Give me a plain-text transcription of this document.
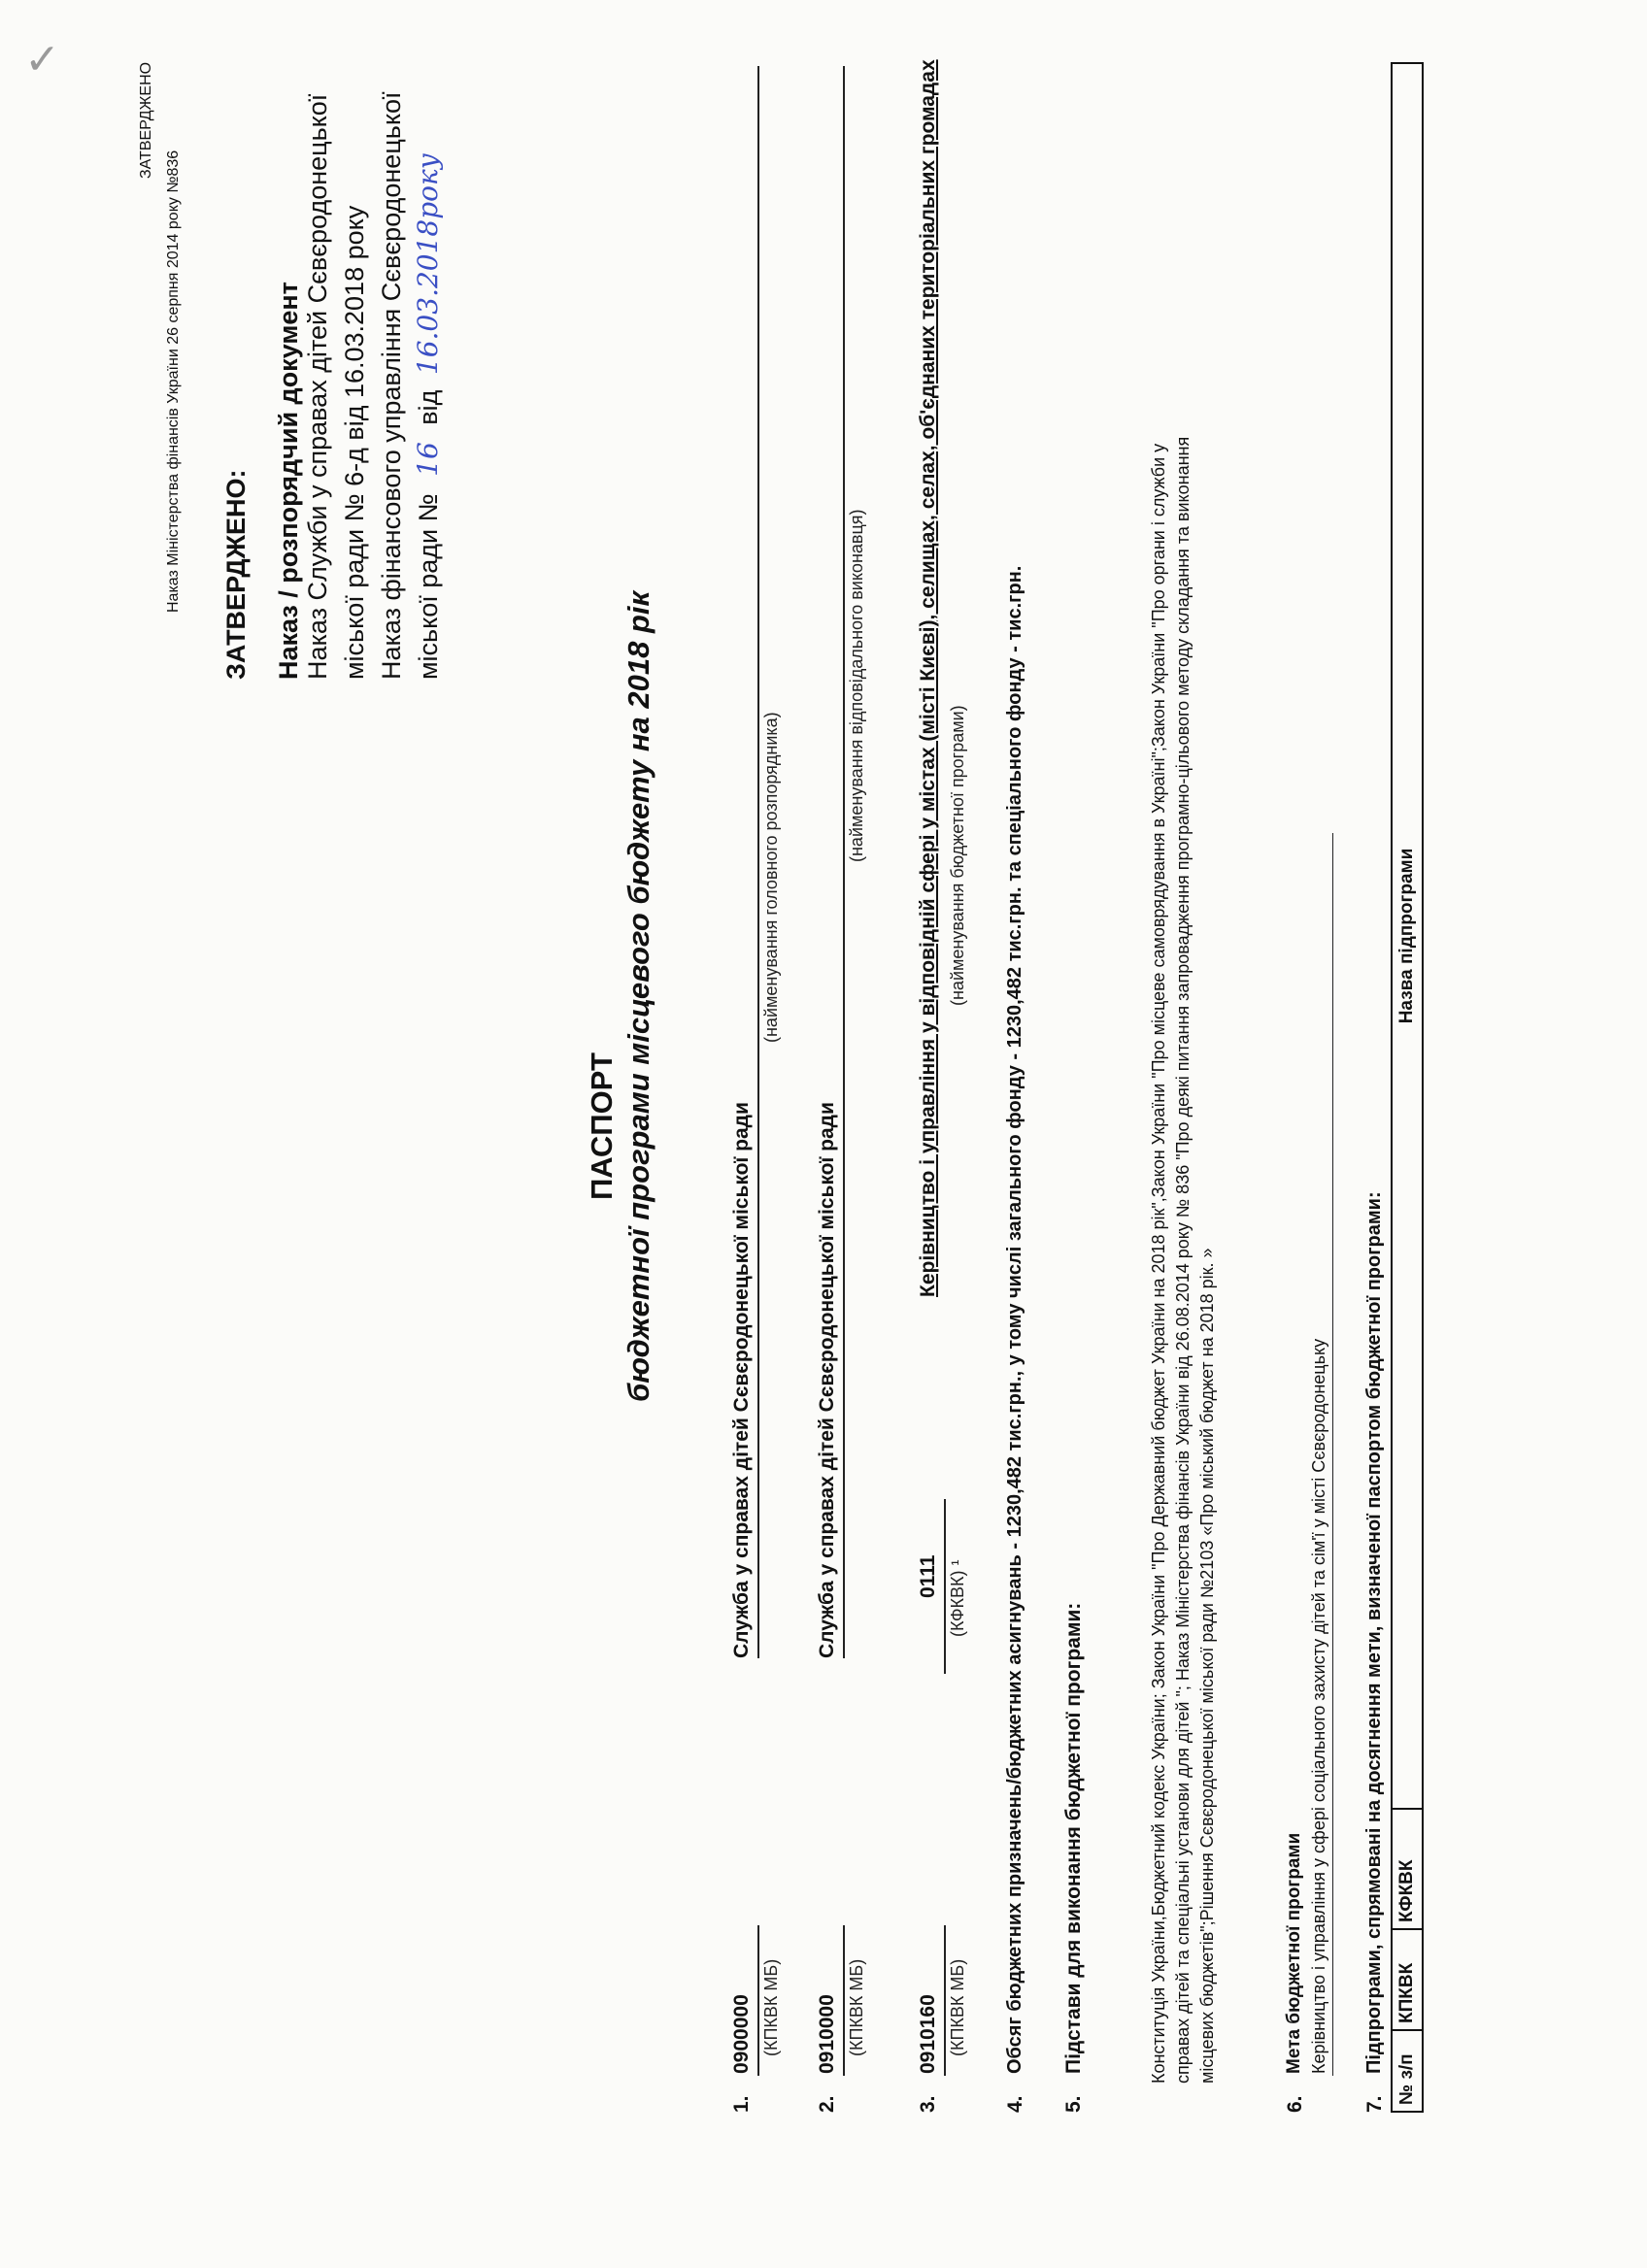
✓
ЗАТВЕРДЖЕНО
Наказ Міністерства фінансів України 26 серпня 2014 року №836 ЗАТВЕРДЖЕНО: Наказ / розпорядчий документ Наказ Служби у справах дітей Сєвєродонецької міської ради № 6-д від 16.03.2018 року Наказ фінансового управління Сєвєродонецької міської ради № 16 від 16.03.2018року
ПАСПОРТ бюджетної програми місцевого бюджету на 2018 рік
1.
0900000 (КПКВК МБ)
Служба у справах дітей Сєвєродонецької міської ради
(найменування головного розпорядника)
2.
0910000 (КПКВК МБ)
Служба у справах дітей Сєвєродонецької міської ради
(найменування відповідального виконавця)
3.
0910160 (КПКВК МБ)
0111 (КФКВК) ¹
Керівництво і управління у відповідній сфері у містах (місті Києві), селищах, селах, об'єднаних територіальних громадах (найменування бюджетної програми)
4.
Обсяг бюджетних призначень/бюджетних асигнувань - 1230,482 тис.грн., у тому числі загального фонду - 1230,482 тис.грн. та спеціального фонду - тис.грн.
5.
Підстави для виконання бюджетної програми:	Конституція України,Бюджетний кодекс України; Закон України "Про Державний бюджет України на 2018 рік",Закон України "Про місцеве самоврядування в Україні";Закон України "Про органи і служби у справах дітей та спеціальні установи для дітей "; Наказ Міністерства фінансів України від 26.08.2014 року № 836 "Про деякі питання запровадження програмно-цільового методу складання та виконання місцевих бюджетів";Рішення Сєвєродонецької міської ради №2103 «Про міський бюджет на 2018 рік. »
6.
Мета бюджетної програми Керівництво і управління у сфері соціального захисту дітей та сім'ї у місті Сєвєродонецьку
7.
Підпрограми, спрямовані на досягнення мети, визначеної паспортом бюджетної програми:
№ з/п	КПКВК	КФКВК	Назва підпрограми
